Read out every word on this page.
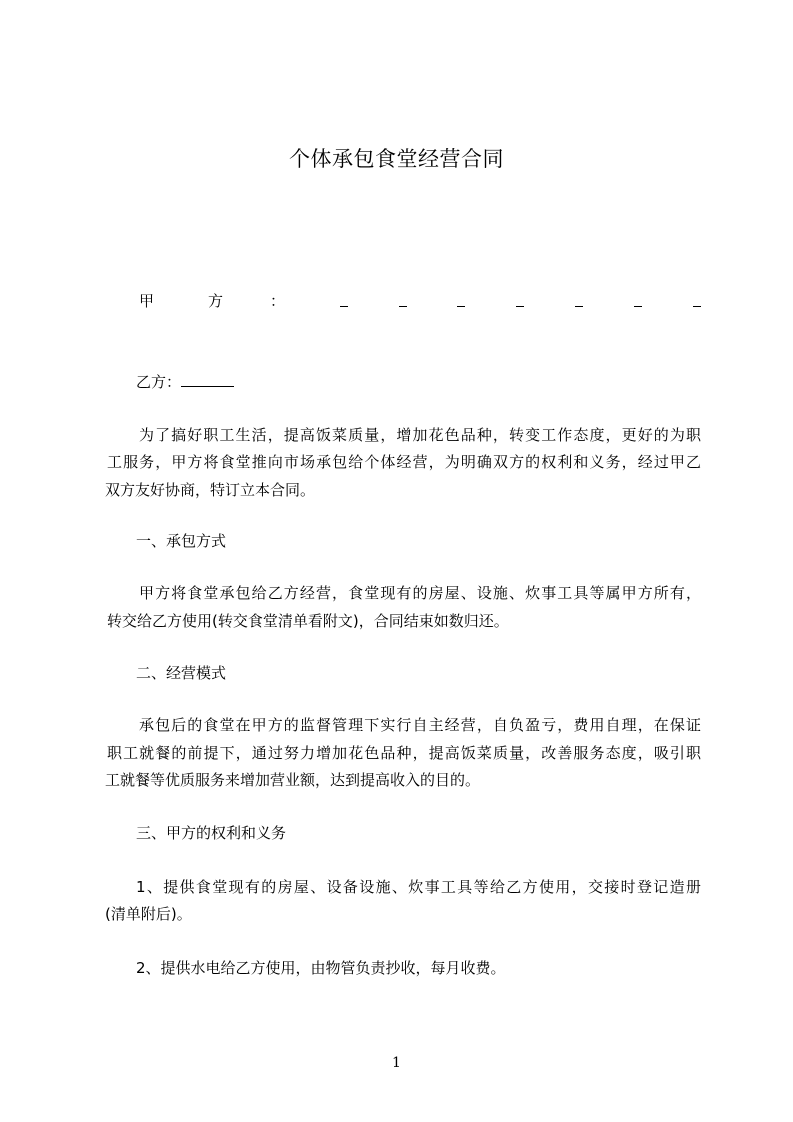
个体承包食堂经营合同
甲	方	：
乙方：
为了搞好职工生活，提高饭菜质量，增加花色品种，转变工作态度，更好的为职
工服务，甲方将食堂推向市场承包给个体经营，为明确双方的权利和义务，经过甲乙
双方友好协商，特订立本合同。
一、承包方式
甲方将食堂承包给乙方经营，食堂现有的房屋、设施、炊事工具等属甲方所有，
转交给乙方使用(转交食堂清单看附文)，合同结束如数归还。
二、经营模式
承包后的食堂在甲方的监督管理下实行自主经营，自负盈亏，费用自理，在保证
职工就餐的前提下，通过努力增加花色品种，提高饭菜质量，改善服务态度，吸引职
工就餐等优质服务来增加营业额，达到提高收入的目的。
三、甲方的权利和义务
1、提供食堂现有的房屋、设备设施、炊事工具等给乙方使用，交接时登记造册
(清单附后)。
2、提供水电给乙方使用，由物管负责抄收，每月收费。
1
